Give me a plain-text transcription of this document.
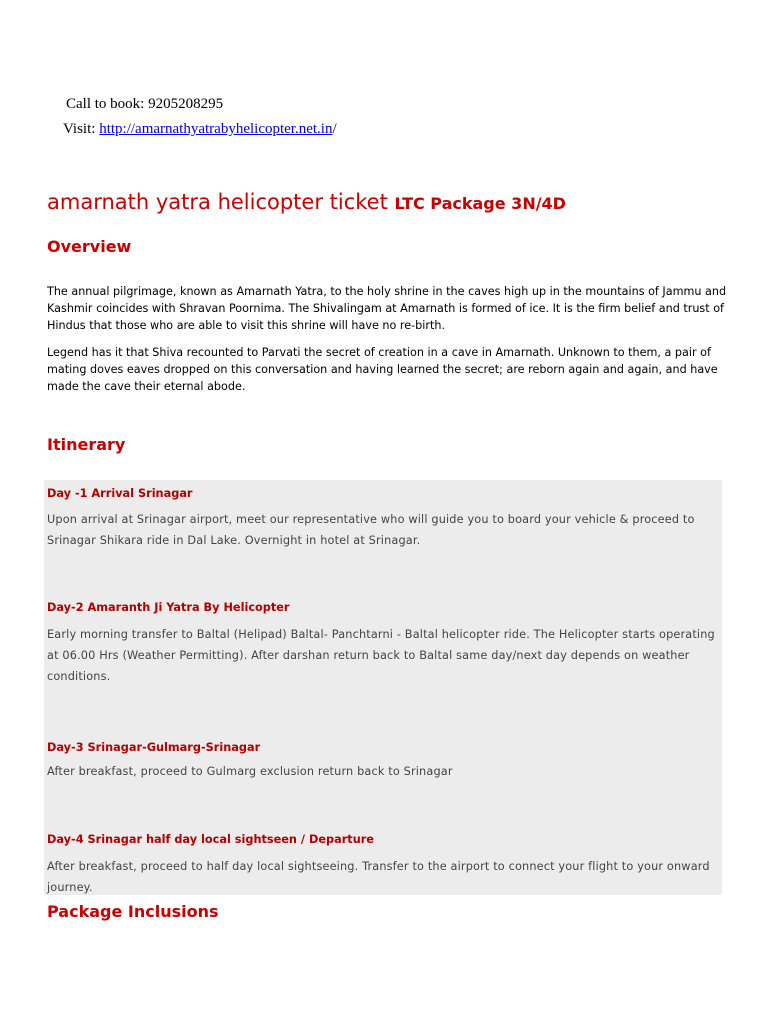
Call to book: 9205208295
Visit: http://amarnathyatrabyhelicopter.net.in/
amarnath yatra helicopter ticket LTC Package 3N/4D
Overview

The annual pilgrimage, known as Amarnath Yatra, to the holy shrine in the caves high up in the mountains of Jammu and Kashmir coincides with Shravan Poornima. The Shivalingam at Amarnath is formed of ice. It is the firm belief and trust of Hindus that those who are able to visit this shrine will have no re-birth.

Legend has it that Shiva recounted to Parvati the secret of creation in a cave in Amarnath. Unknown to them, a pair of mating doves eaves dropped on this conversation and having learned the secret; are reborn again and again, and have made the cave their eternal abode.

Itinerary
Day -1 Arrival Srinagar
Upon arrival at Srinagar airport, meet our representative who will guide you to board your vehicle & proceed to Srinagar Shikara ride in Dal Lake. Overnight in hotel at Srinagar.
Day-2 Amaranth Ji Yatra By Helicopter
Early morning transfer to Baltal (Helipad) Baltal- Panchtarni - Baltal helicopter ride. The Helicopter starts operating at 06.00 Hrs (Weather Permitting). After darshan return back to Baltal same day/next day depends on weather conditions.
Day-3 Srinagar-Gulmarg-Srinagar
After breakfast, proceed to Gulmarg exclusion return back to Srinagar
Day-4 Srinagar half day local sightseen / Departure
After breakfast, proceed to half day local sightseeing. Transfer to the airport to connect your flight to your onward journey.
Package Inclusions
